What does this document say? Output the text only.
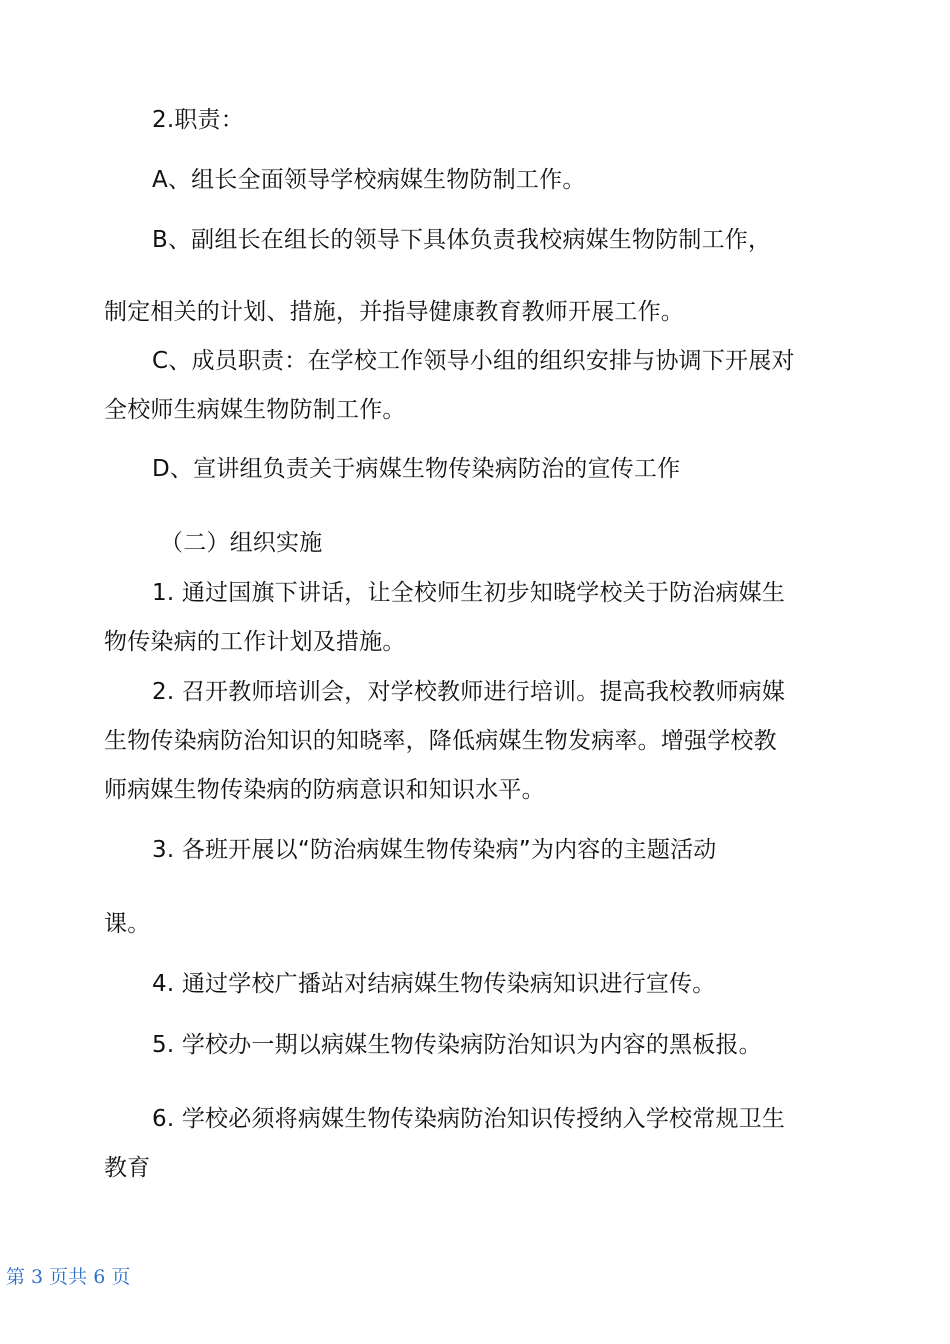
2.职责：

A、组长全面领导学校病媒生物防制工作。

B、副组长在组长的领导下具体负责我校病媒生物防制工作，

制定相关的计划、措施，并指导健康教育教师开展工作。

C、成员职责：在学校工作领导小组的组织安排与协调下开展对

全校师生病媒生物防制工作。

D、宣讲组负责关于病媒生物传染病防治的宣传工作

（二）组织实施

1. 通过国旗下讲话，让全校师生初步知晓学校关于防治病媒生

物传染病的工作计划及措施。

2. 召开教师培训会，对学校教师进行培训。提高我校教师病媒

生物传染病防治知识的知晓率，降低病媒生物发病率。增强学校教

师病媒生物传染病的防病意识和知识水平。

3. 各班开展以“防治病媒生物传染病”为内容的主题活动

课。

4. 通过学校广播站对结病媒生物传染病知识进行宣传。

5. 学校办一期以病媒生物传染病防治知识为内容的黑板报。

6. 学校必须将病媒生物传染病防治知识传授纳入学校常规卫生

教育

第 3 页共 6 页
